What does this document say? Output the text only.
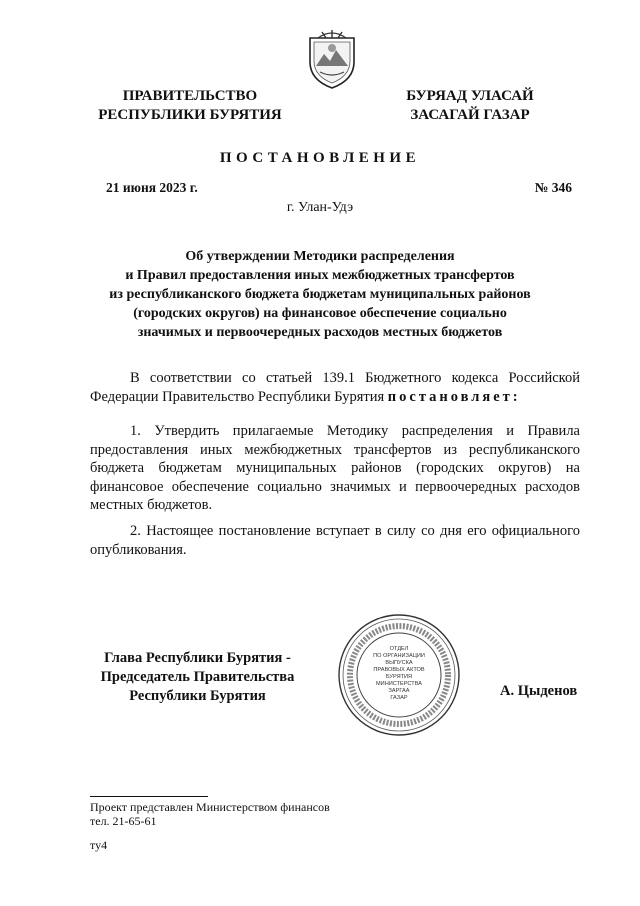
ПРАВИТЕЛЬСТВО
РЕСПУБЛИКИ БУРЯТИЯ
БУРЯАД УЛАСАЙ
ЗАСАГАЙ ГАЗАР
ПОСТАНОВЛЕНИЕ
21 июня 2023 г.	№ 346
г. Улан-Удэ
Об утверждении Методики распределения
и Правил предоставления иных межбюджетных трансфертов
из республиканского бюджета бюджетам муниципальных районов
(городских округов) на финансовое обеспечение социально
значимых и первоочередных расходов местных бюджетов
В соответствии со статьей 139.1 Бюджетного кодекса Российской Федерации Правительство Республики Бурятия постановляет:
1. Утвердить прилагаемые Методику распределения и Правила предоставления иных межбюджетных трансфертов из республиканского бюджета бюджетам муниципальных районов (городских округов) на финансовое обеспечение социально значимых и первоочередных расходов местных бюджетов.
2. Настоящее постановление вступает в силу со дня его официального опубликования.
Глава Республики Бурятия -
Председатель Правительства
Республики Бурятия
ОТДЕЛ
ПО ОРГАНИЗАЦИИ
ВЫПУСКА
ПРАВОВЫХ АКТОВ
БУРЯТИЯ
МИНИСТЕРСТВА
ЗАРГАА
ГАЗАР	А. Цыденов
Проект представлен Министерством финансов
тел. 21-65-61
ту4
